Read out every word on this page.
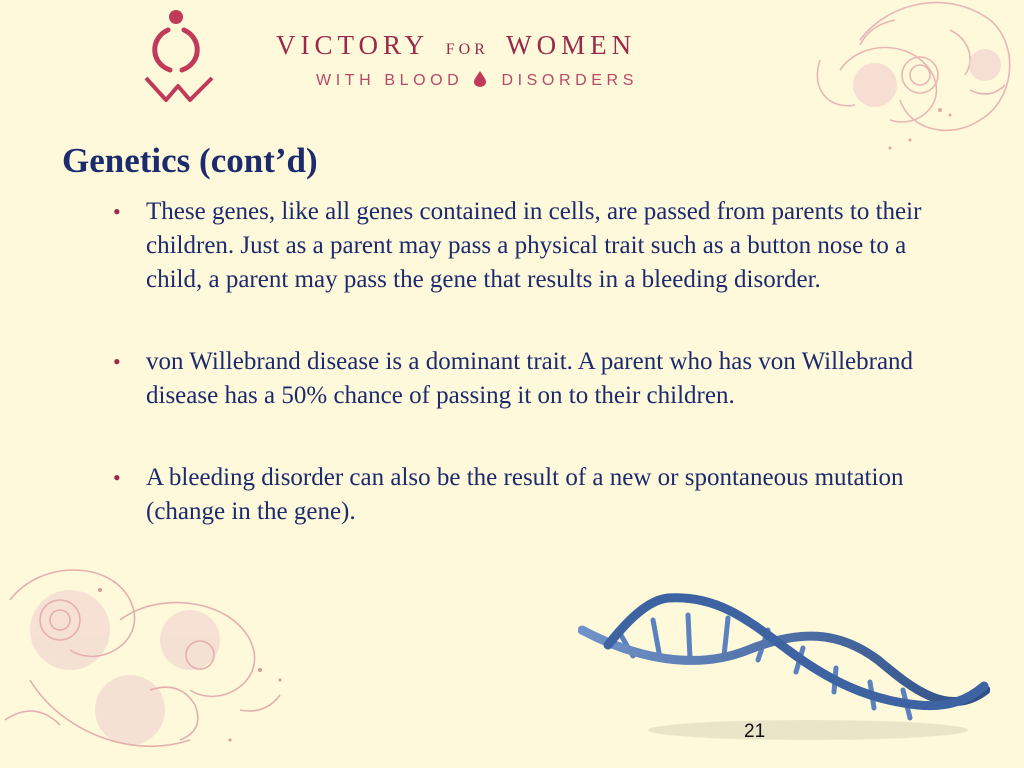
VICTORY FOR WOMEN
WITH BLOOD DISORDERS
Genetics (cont’d)
• These genes, like all genes contained in cells, are passed from parents to their children. Just as a parent may pass a physical trait such as a button nose to a child, a parent may pass the gene that results in a bleeding disorder.
• von Willebrand disease is a dominant trait. A parent who has von Willebrand disease has a 50% chance of passing it on to their children.
• A bleeding disorder can also be the result of a new or spontaneous mutation (change in the gene).
21
